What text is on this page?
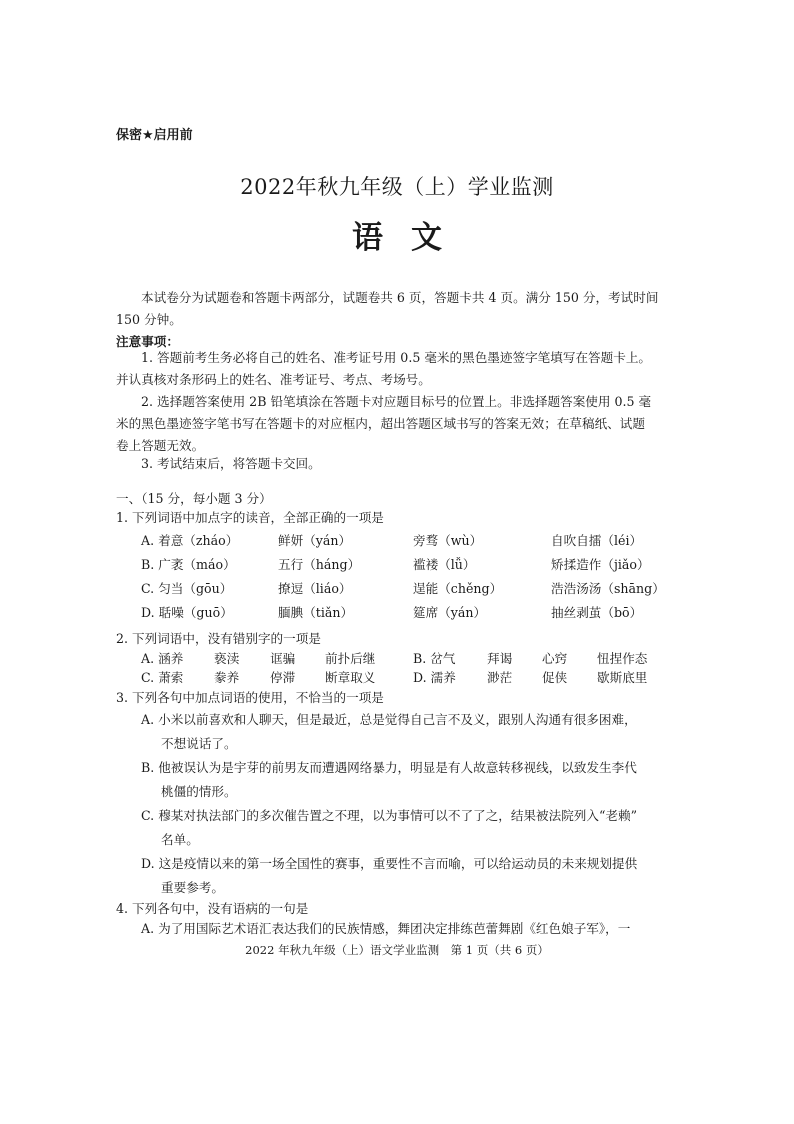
保密★启用前
2022年秋九年级（上）学业监测
语文
本试卷分为试题卷和答题卡两部分，试题卷共 6 页，答题卡共 4 页。满分 150 分，考试时间
150 分钟。
注意事项：
1. 答题前考生务必将自己的姓名、准考证号用 0.5 毫米的黑色墨迹签字笔填写在答题卡上。
并认真核对条形码上的姓名、准考证号、考点、考场号。
2. 选择题答案使用 2B 铅笔填涂在答题卡对应题目标号的位置上。非选择题答案使用 0.5 毫
米的黑色墨迹签字笔书写在答题卡的对应框内，超出答题区域书写的答案无效；在草稿纸、试题
卷上答题无效。
3. 考试结束后，将答题卡交回。
一、（15 分，每小题 3 分）
1. 下列词语中加点字的读音，全部正确的一项是
A. 着意（zháo）	鲜妍（yán）	旁骛（wù）	自吹自擂（léi）
B. 广袤（máo）	五行（háng）	褴褛（lǚ）	矫揉造作（jiǎo）
C. 匀当（gōu）	撩逗（liáo）	逞能（chěng）	浩浩汤汤（shāng）
D. 聒噪（guō）	腼腆（tiǎn）	筵席（yán）	抽丝剥茧（bō）
2. 下列词语中，没有错别字的一项是
A. 涵养 亵渎 诓骗 前扑后继	B. 岔气	拜谒 心窍 忸捏作态
C. 萧索 豢养 停滞 断章取义	D. 濡养 渺茫 促侠 歇斯底里
3. 下列各句中加点词语的使用，不恰当的一项是
A. 小米以前喜欢和人聊天，但是最近，总是觉得自己言不及义，跟别人沟通有很多困难，
不想说话了。
B. 他被误认为是宇芽的前男友而遭遇网络暴力，明显是有人故意转移视线，以致发生李代
桃僵的情形。
C. 穆某对执法部门的多次催告置之不理，以为事情可以不了了之，结果被法院列入“老赖”
名单。
D. 这是疫情以来的第一场全国性的赛事，重要性不言而喻，可以给运动员的未来规划提供
重要参考。
4. 下列各句中，没有语病的一句是
A. 为了用国际艺术语汇表达我们的民族情感，舞团决定排练芭蕾舞剧《红色娘子军》，一
2022 年秋九年级（上）语文学业监测　第 1 页（共 6 页）
